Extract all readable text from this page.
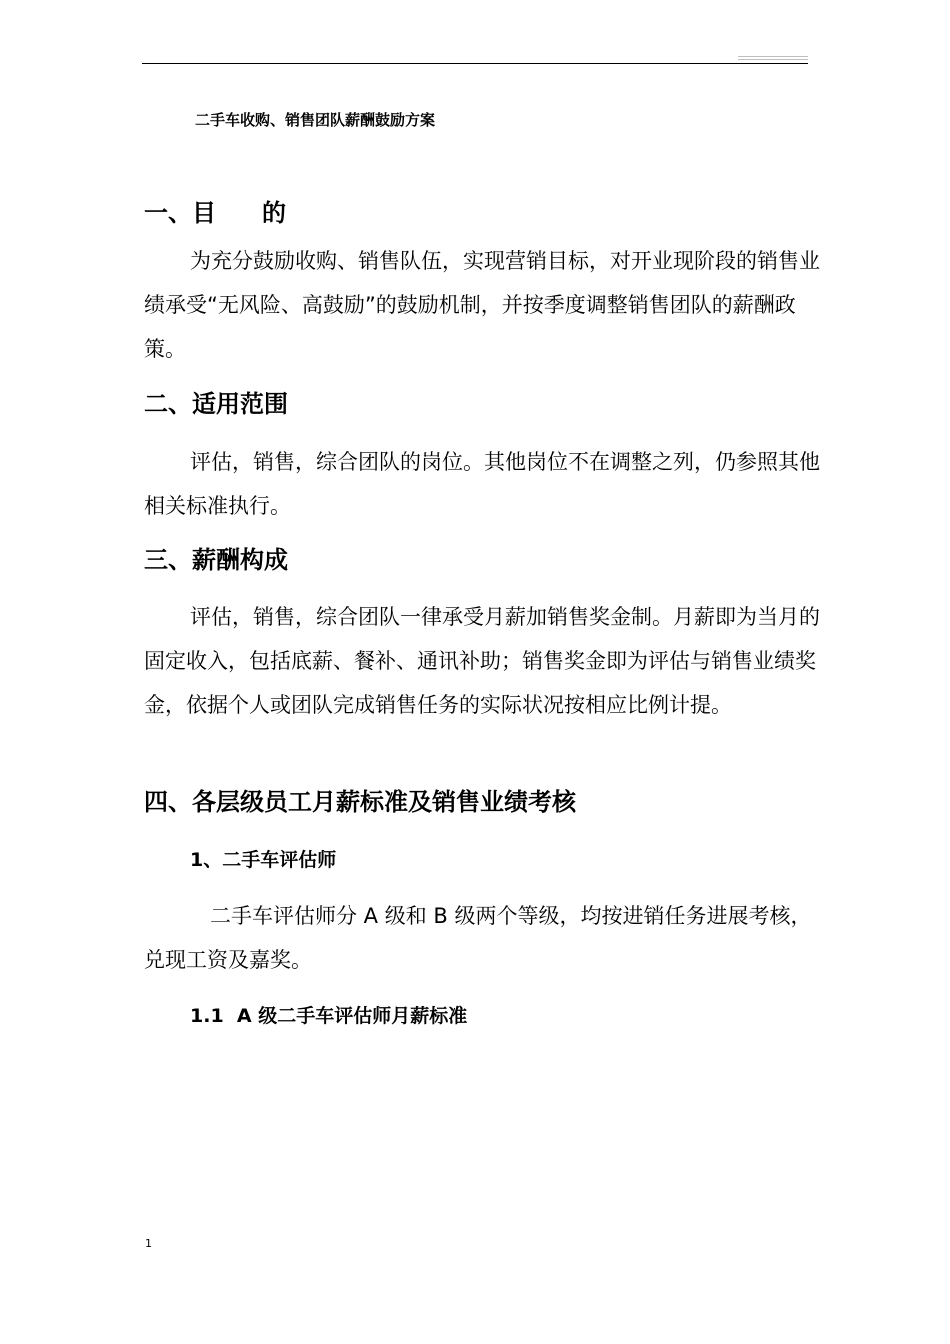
二手车收购、销售团队薪酬鼓励方案
一、目 的

为充分鼓励收购、销售队伍，实现营销目标，对开业现阶段的销售业绩承受“无风险、高鼓励”的鼓励机制，并按季度调整销售团队的薪酬政策。

二、适用范围

评估，销售，综合团队的岗位。其他岗位不在调整之列，仍参照其他相关标准执行。

三、薪酬构成

评估，销售，综合团队一律承受月薪加销售奖金制。月薪即为当月的固定收入，包括底薪、餐补、通讯补助；销售奖金即为评估与销售业绩奖金，依据个人或团队完成销售任务的实际状况按相应比例计提。

四、各层级员工月薪标准及销售业绩考核
1、二手车评估师

二手车评估师分 A 级和 B 级两个等级，均按进销任务进展考核， 兑现工资及嘉奖。

1.1  A 级二手车评估师月薪标准
1
